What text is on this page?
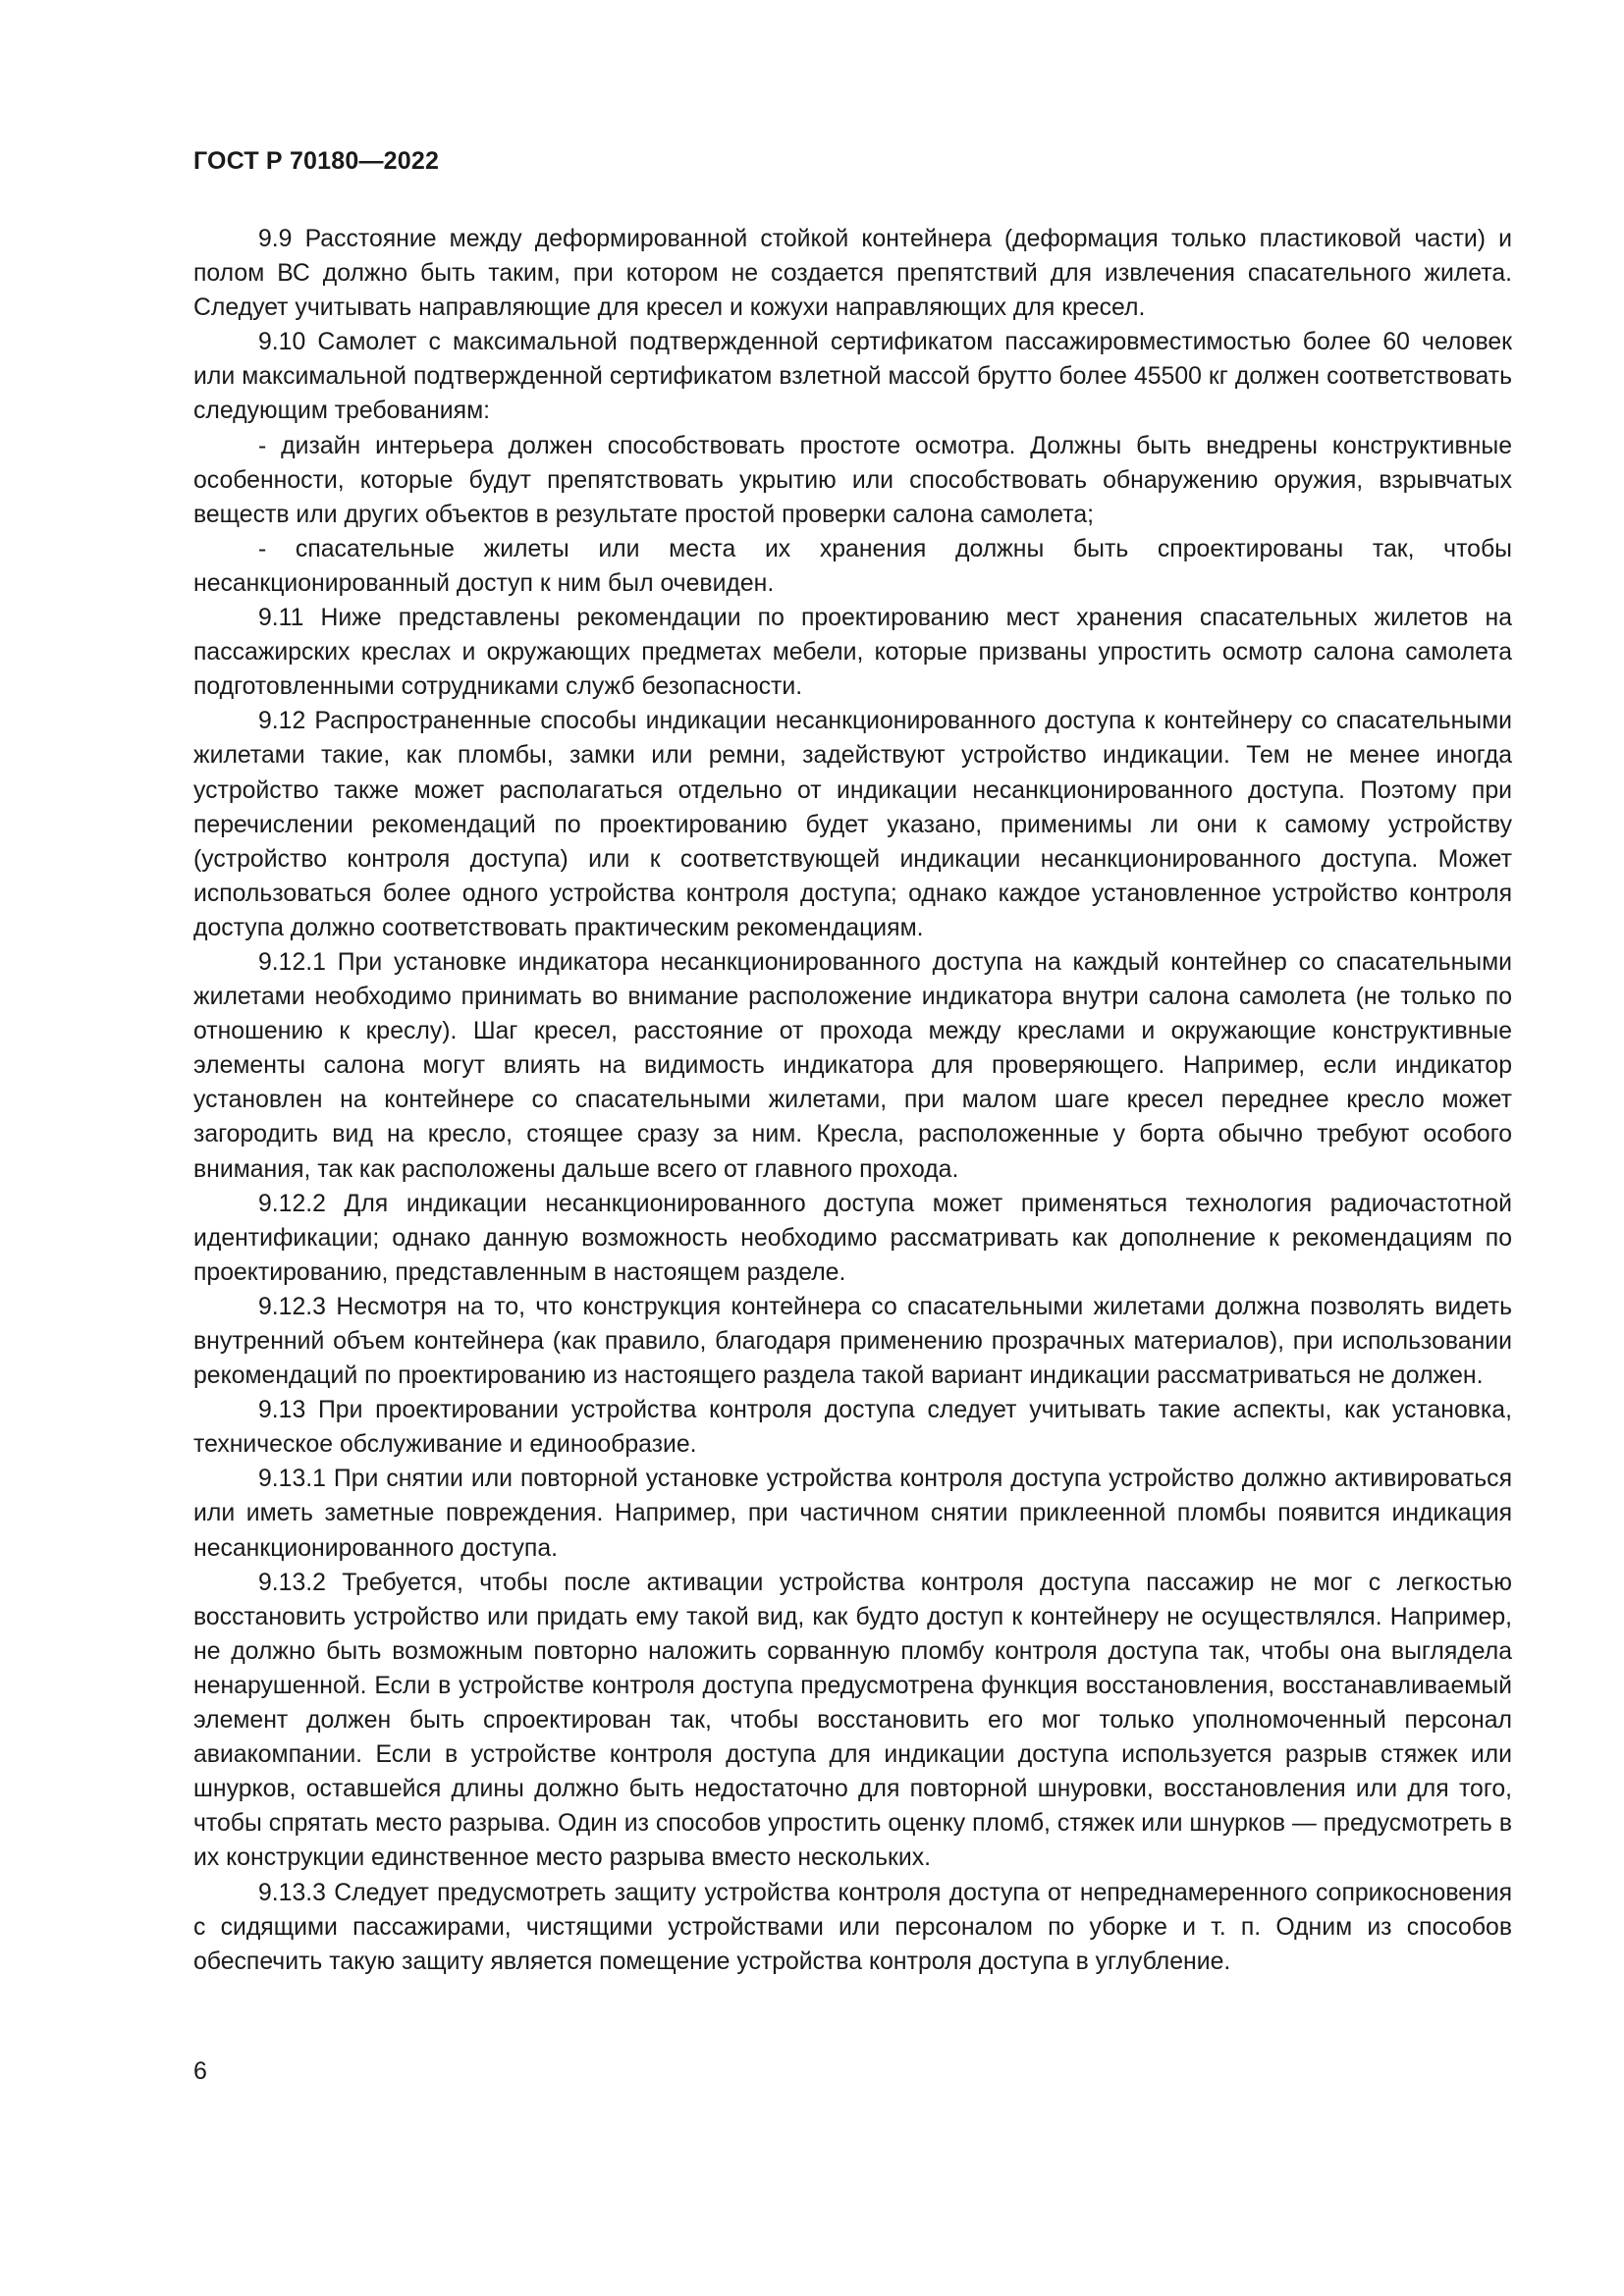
ГОСТ Р 70180—2022

9.9 Расстояние между деформированной стойкой контейнера (деформация только пластиковой части) и полом ВС должно быть таким, при котором не создается препятствий для извлечения спасательного жилета. Следует учитывать направляющие для кресел и кожухи направляющих для кресел.

9.10 Самолет с максимальной подтвержденной сертификатом пассажировместимостью более 60 человек или максимальной подтвержденной сертификатом взлетной массой брутто более 45500 кг должен соответствовать следующим требованиям:

- дизайн интерьера должен способствовать простоте осмотра. Должны быть внедрены конструктивные особенности, которые будут препятствовать укрытию или способствовать обнаружению оружия, взрывчатых веществ или других объектов в результате простой проверки салона самолета;

- спасательные жилеты или места их хранения должны быть спроектированы так, чтобы несанкционированный доступ к ним был очевиден.

9.11 Ниже представлены рекомендации по проектированию мест хранения спасательных жилетов на пассажирских креслах и окружающих предметах мебели, которые призваны упростить осмотр салона самолета подготовленными сотрудниками служб безопасности.

9.12 Распространенные способы индикации несанкционированного доступа к контейнеру со спасательными жилетами такие, как пломбы, замки или ремни, задействуют устройство индикации. Тем не менее иногда устройство также может располагаться отдельно от индикации несанкционированного доступа. Поэтому при перечислении рекомендаций по проектированию будет указано, применимы ли они к самому устройству (устройство контроля доступа) или к соответствующей индикации несанкционированного доступа. Может использоваться более одного устройства контроля доступа; однако каждое установленное устройство контроля доступа должно соответствовать практическим рекомендациям.

9.12.1 При установке индикатора несанкционированного доступа на каждый контейнер со спасательными жилетами необходимо принимать во внимание расположение индикатора внутри салона самолета (не только по отношению к креслу). Шаг кресел, расстояние от прохода между креслами и окружающие конструктивные элементы салона могут влиять на видимость индикатора для проверяющего. Например, если индикатор установлен на контейнере со спасательными жилетами, при малом шаге кресел переднее кресло может загородить вид на кресло, стоящее сразу за ним. Кресла, расположенные у борта обычно требуют особого внимания, так как расположены дальше всего от главного прохода.

9.12.2 Для индикации несанкционированного доступа может применяться технология радиочастотной идентификации; однако данную возможность необходимо рассматривать как дополнение к рекомендациям по проектированию, представленным в настоящем разделе.

9.12.3 Несмотря на то, что конструкция контейнера со спасательными жилетами должна позволять видеть внутренний объем контейнера (как правило, благодаря применению прозрачных материалов), при использовании рекомендаций по проектированию из настоящего раздела такой вариант индикации рассматриваться не должен.

9.13 При проектировании устройства контроля доступа следует учитывать такие аспекты, как установка, техническое обслуживание и единообразие.

9.13.1 При снятии или повторной установке устройства контроля доступа устройство должно активироваться или иметь заметные повреждения. Например, при частичном снятии приклеенной пломбы появится индикация несанкционированного доступа.

9.13.2 Требуется, чтобы после активации устройства контроля доступа пассажир не мог с легкостью восстановить устройство или придать ему такой вид, как будто доступ к контейнеру не осуществлялся. Например, не должно быть возможным повторно наложить сорванную пломбу контроля доступа так, чтобы она выглядела ненарушенной. Если в устройстве контроля доступа предусмотрена функция восстановления, восстанавливаемый элемент должен быть спроектирован так, чтобы восстановить его мог только уполномоченный персонал авиакомпании. Если в устройстве контроля доступа для индикации доступа используется разрыв стяжек или шнурков, оставшейся длины должно быть недостаточно для повторной шнуровки, восстановления или для того, чтобы спрятать место разрыва. Один из способов упростить оценку пломб, стяжек или шнурков — предусмотреть в их конструкции единственное место разрыва вместо нескольких.

9.13.3 Следует предусмотреть защиту устройства контроля доступа от непреднамеренного соприкосновения с сидящими пассажирами, чистящими устройствами или персоналом по уборке и т. п. Одним из способов обеспечить такую защиту является помещение устройства контроля доступа в углубление.

6
